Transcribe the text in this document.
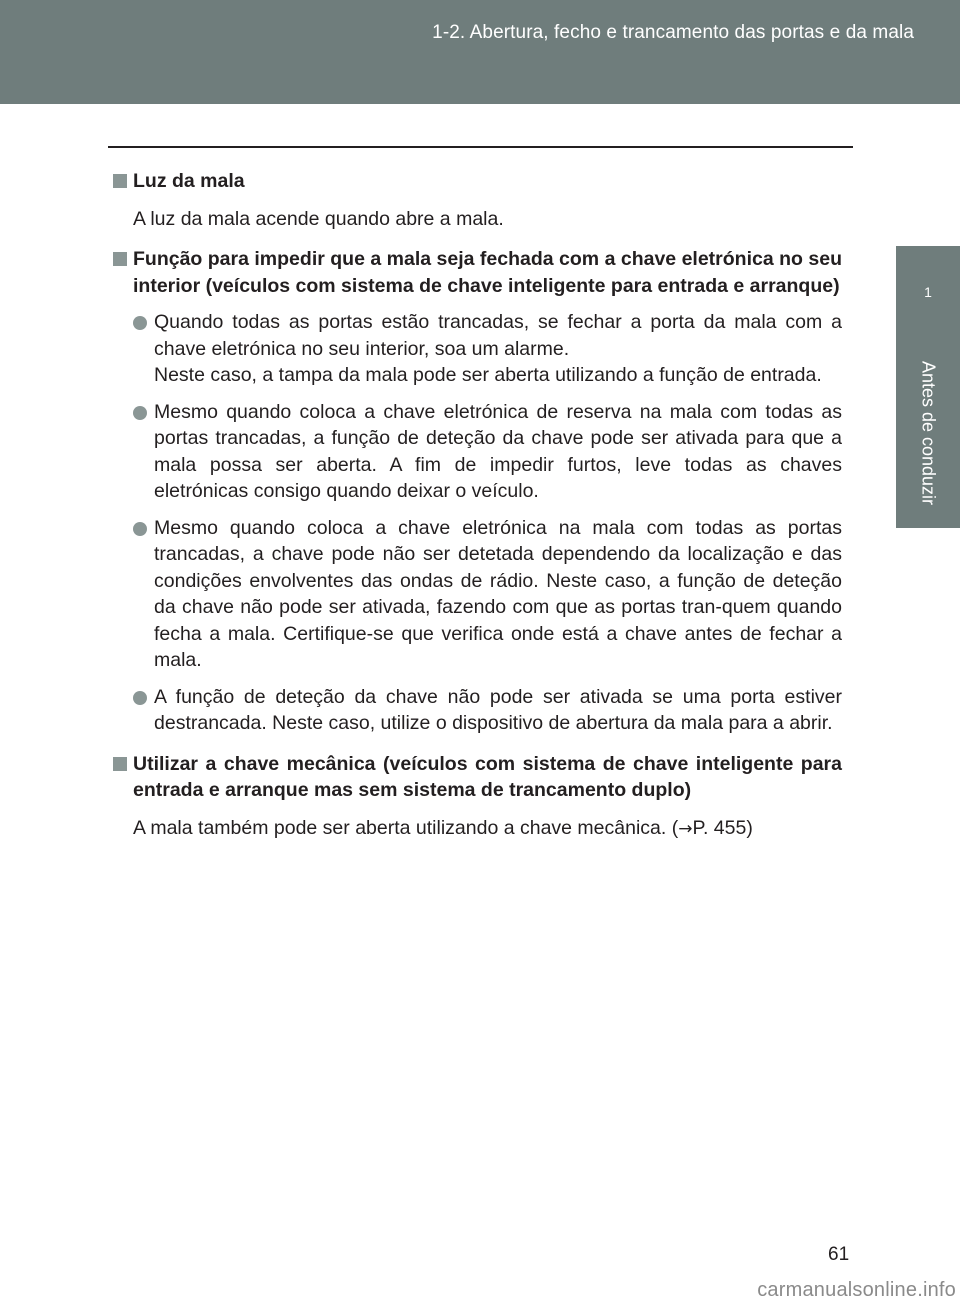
1-2. Abertura, fecho e trancamento das portas e da mala
1
Antes de conduzir
Luz da mala
A luz da mala acende quando abre a mala.
Função para impedir que a mala seja fechada com a chave eletrónica no seu interior (veículos com sistema de chave inteligente para entrada e arranque)

Quando todas as portas estão trancadas, se fechar a porta da mala com a chave eletrónica no seu interior, soa um alarme.

Neste caso, a tampa da mala pode ser aberta utilizando a função de entrada.

Mesmo quando coloca a chave eletrónica de reserva na mala com todas as portas trancadas, a função de deteção da chave pode ser ativada para que a mala possa ser aberta. A fim de impedir furtos, leve todas as chaves eletrónicas consigo quando deixar o veículo.

Mesmo quando coloca a chave eletrónica na mala com todas as portas trancadas, a chave pode não ser detetada dependendo da localização e das condições envolventes das ondas de rádio. Neste caso, a função de deteção da chave não pode ser ativada, fazendo com que as portas tran-quem quando fecha a mala. Certifique-se que verifica onde está a chave antes de fechar a mala.

A função de deteção da chave não pode ser ativada se uma porta estiver destrancada. Neste caso, utilize o dispositivo de abertura da mala para a abrir.

Utilizar a chave mecânica (veículos com sistema de chave inteligente para entrada e arranque mas sem sistema de trancamento duplo)
A mala também pode ser aberta utilizando a chave mecânica. (→P. 455)
61
carmanualsonline.info
